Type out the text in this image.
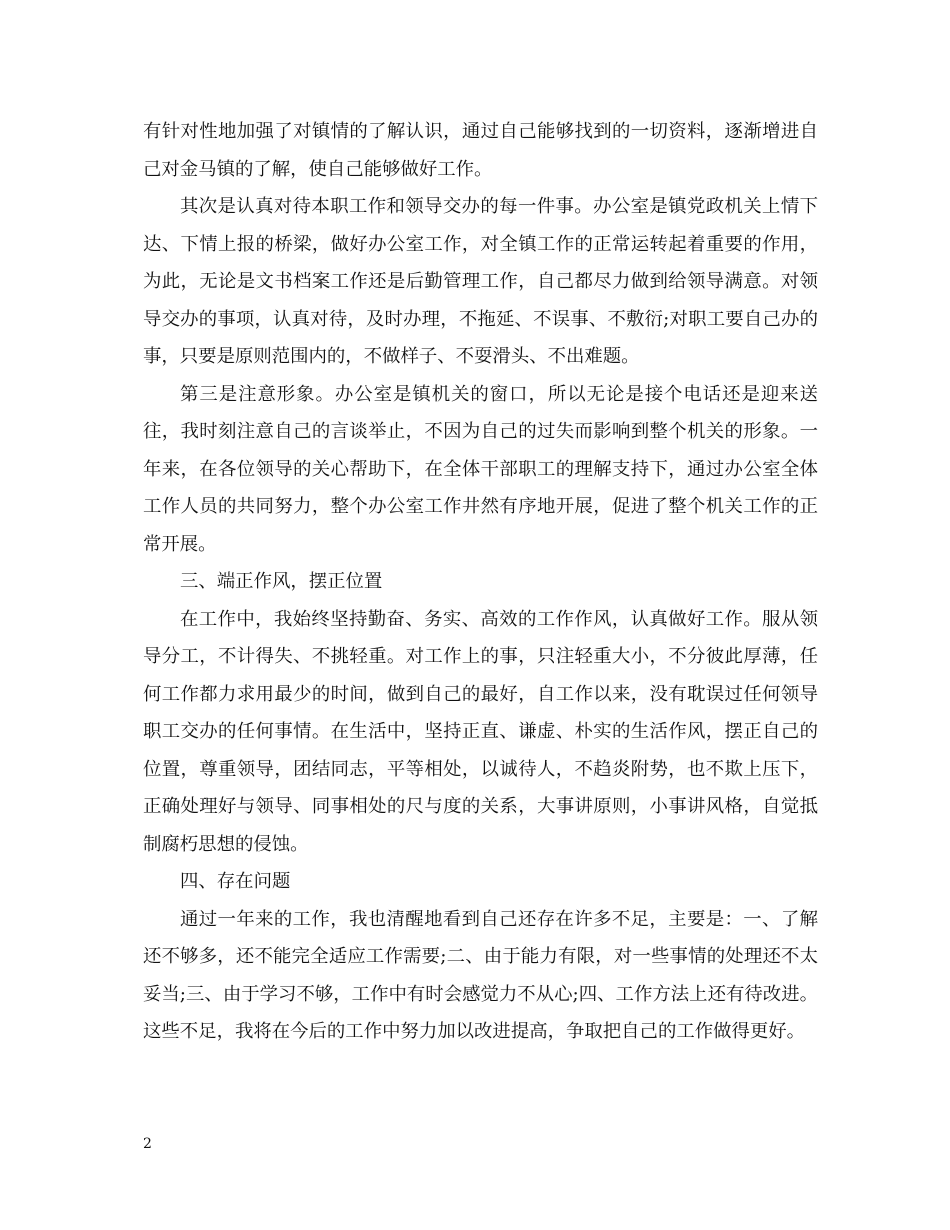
有针对性地加强了对镇情的了解认识，通过自己能够找到的一切资料，逐渐增进自己对金马镇的了解，使自己能够做好工作。

其次是认真对待本职工作和领导交办的每一件事。办公室是镇党政机关上情下达、下情上报的桥梁，做好办公室工作，对全镇工作的正常运转起着重要的作用，为此，无论是文书档案工作还是后勤管理工作，自己都尽力做到给领导满意。对领导交办的事项，认真对待，及时办理，不拖延、不误事、不敷衍;对职工要自己办的事，只要是原则范围内的，不做样子、不耍滑头、不出难题。

第三是注意形象。办公室是镇机关的窗口，所以无论是接个电话还是迎来送往，我时刻注意自己的言谈举止，不因为自己的过失而影响到整个机关的形象。一年来，在各位领导的关心帮助下，在全体干部职工的理解支持下，通过办公室全体工作人员的共同努力，整个办公室工作井然有序地开展，促进了整个机关工作的正常开展。

三、端正作风，摆正位置

在工作中，我始终坚持勤奋、务实、高效的工作作风，认真做好工作。服从领导分工，不计得失、不挑轻重。对工作上的事，只注轻重大小，不分彼此厚薄，任何工作都力求用最少的时间，做到自己的最好，自工作以来，没有耽误过任何领导职工交办的任何事情。在生活中，坚持正直、谦虚、朴实的生活作风，摆正自己的位置，尊重领导，团结同志，平等相处，以诚待人，不趋炎附势，也不欺上压下，正确处理好与领导、同事相处的尺与度的关系，大事讲原则，小事讲风格，自觉抵制腐朽思想的侵蚀。

四、存在问题

通过一年来的工作，我也清醒地看到自己还存在许多不足，主要是：一、了解还不够多，还不能完全适应工作需要;二、由于能力有限，对一些事情的处理还不太妥当;三、由于学习不够，工作中有时会感觉力不从心;四、工作方法上还有待改进。这些不足，我将在今后的工作中努力加以改进提高，争取把自己的工作做得更好。

2
